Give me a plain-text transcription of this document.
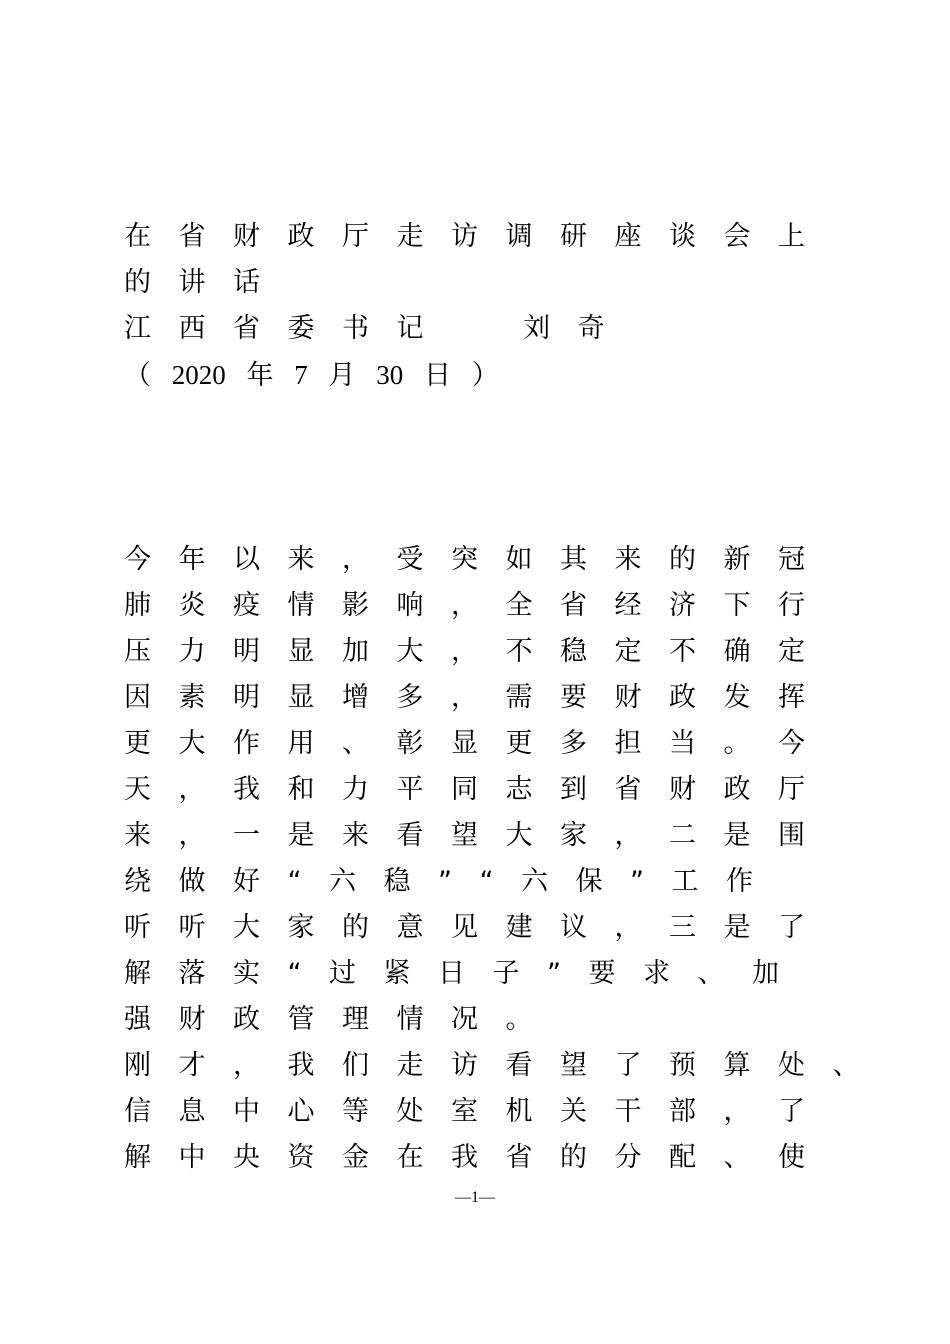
在省财政厅走访调研座谈会上
的讲话
江西省委书记  刘奇
（ 2020 年 7 月 30 日 ）
今年以来，受突如其来的新冠
肺炎疫情影响，全省经济下行
压力明显加大，不稳定不确定
因素明显增多，需要财政发挥
更大作用、彰显更多担当。今
天，我和力平同志到省财政厅
来，一是来看望大家，二是围
绕做好“六稳”“六保”工作
听听大家的意见建议，三是了
解落实“过紧日子”要求、加
强财政管理情况。
刚才，我们走访看望了预算处、
信息中心等处室机关干部，了
解中央资金在我省的分配、使
—1—
